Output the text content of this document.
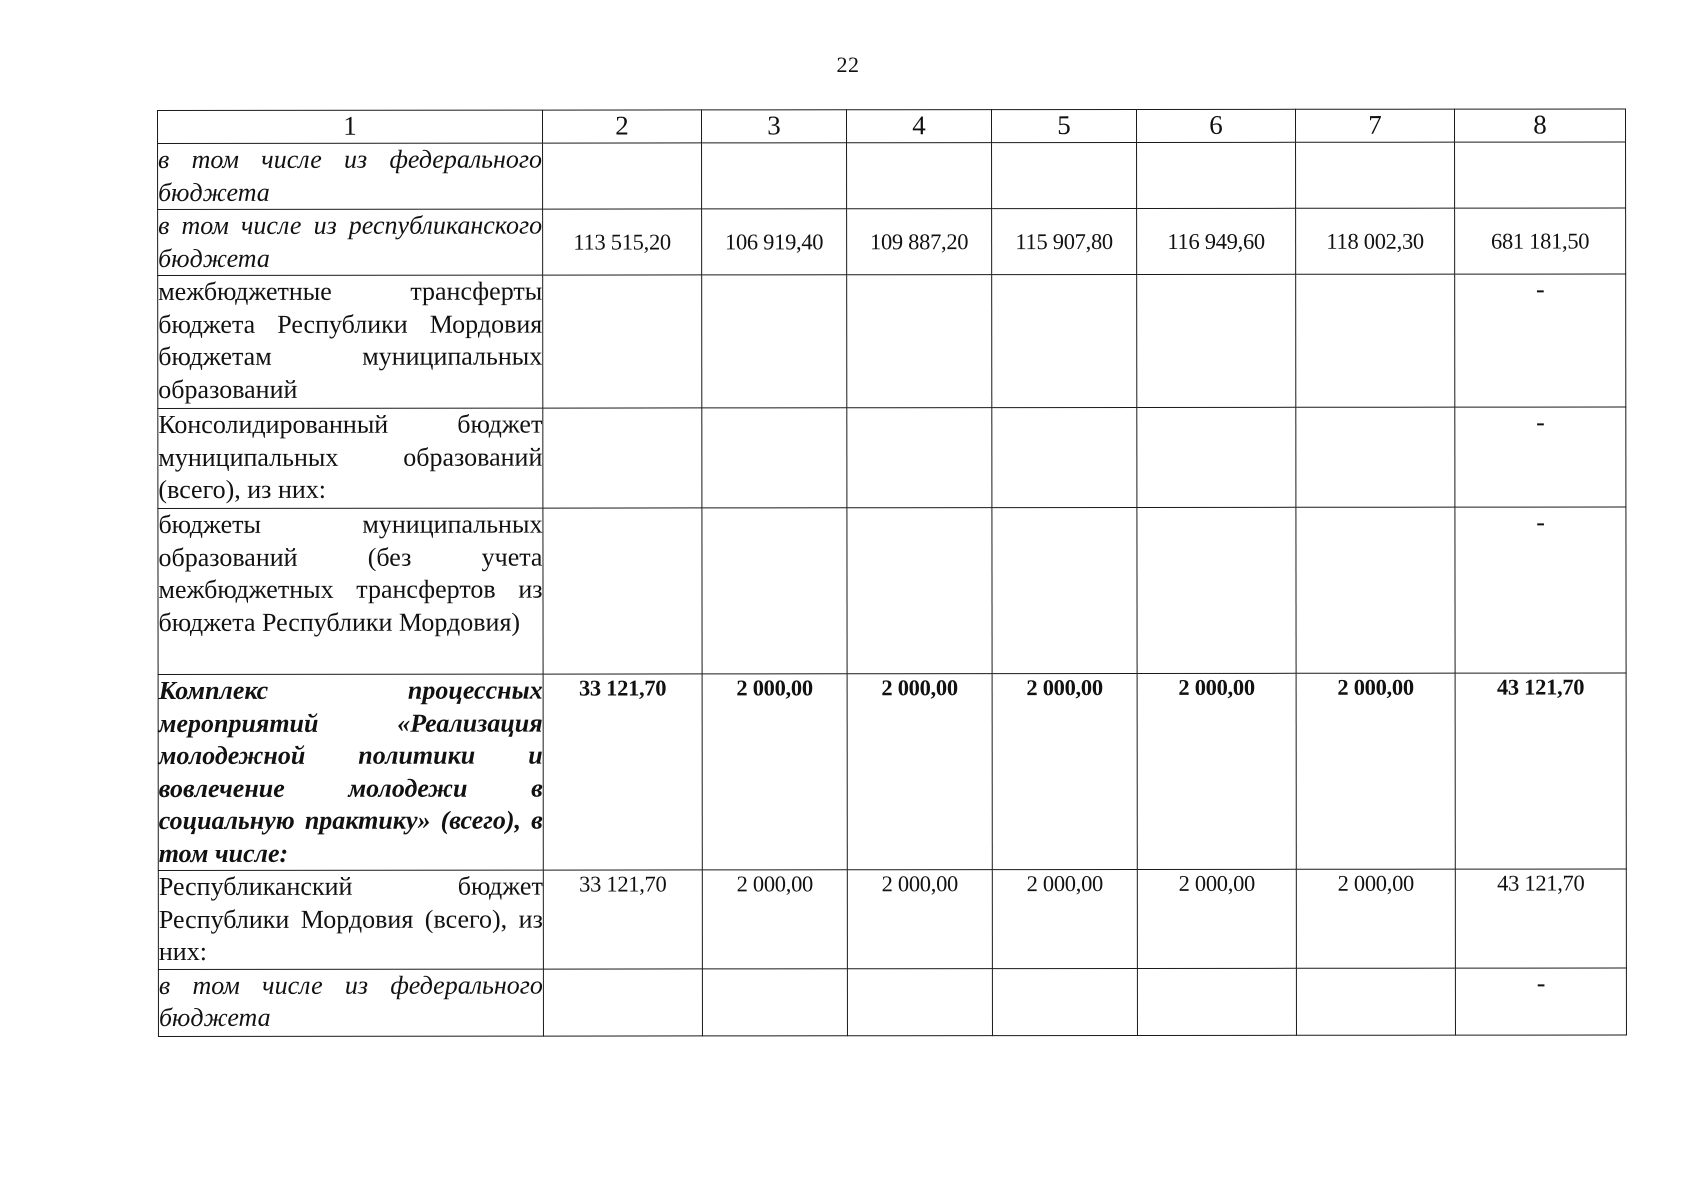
22
1	2	3	4	5	6	7	8
в том числе из федерального бюджета							
в том числе из республиканского бюджета	113 515,20	106 919,40	109 887,20	115 907,80	116 949,60	118 002,30	681 181,50
межбюджетные трансферты бюджета Республики Мордовия бюджетам муниципальных образований							-
Консолидированный бюджет муниципальных образований (всего), из них:							-
бюджеты муниципальных образований (без учета межбюджетных трансфертов из бюджета Республики Мордовия)							-
Комплекс процессных мероприятий «Реализация молодежной политики и вовлечение молодежи в социальную практику» (всего), в том числе:	33 121,70	2 000,00	2 000,00	2 000,00	2 000,00	2 000,00	43 121,70
Республиканский бюджет Республики Мордовия (всего), из них:	33 121,70	2 000,00	2 000,00	2 000,00	2 000,00	2 000,00	43 121,70
в том числе из федерального бюджета							-
